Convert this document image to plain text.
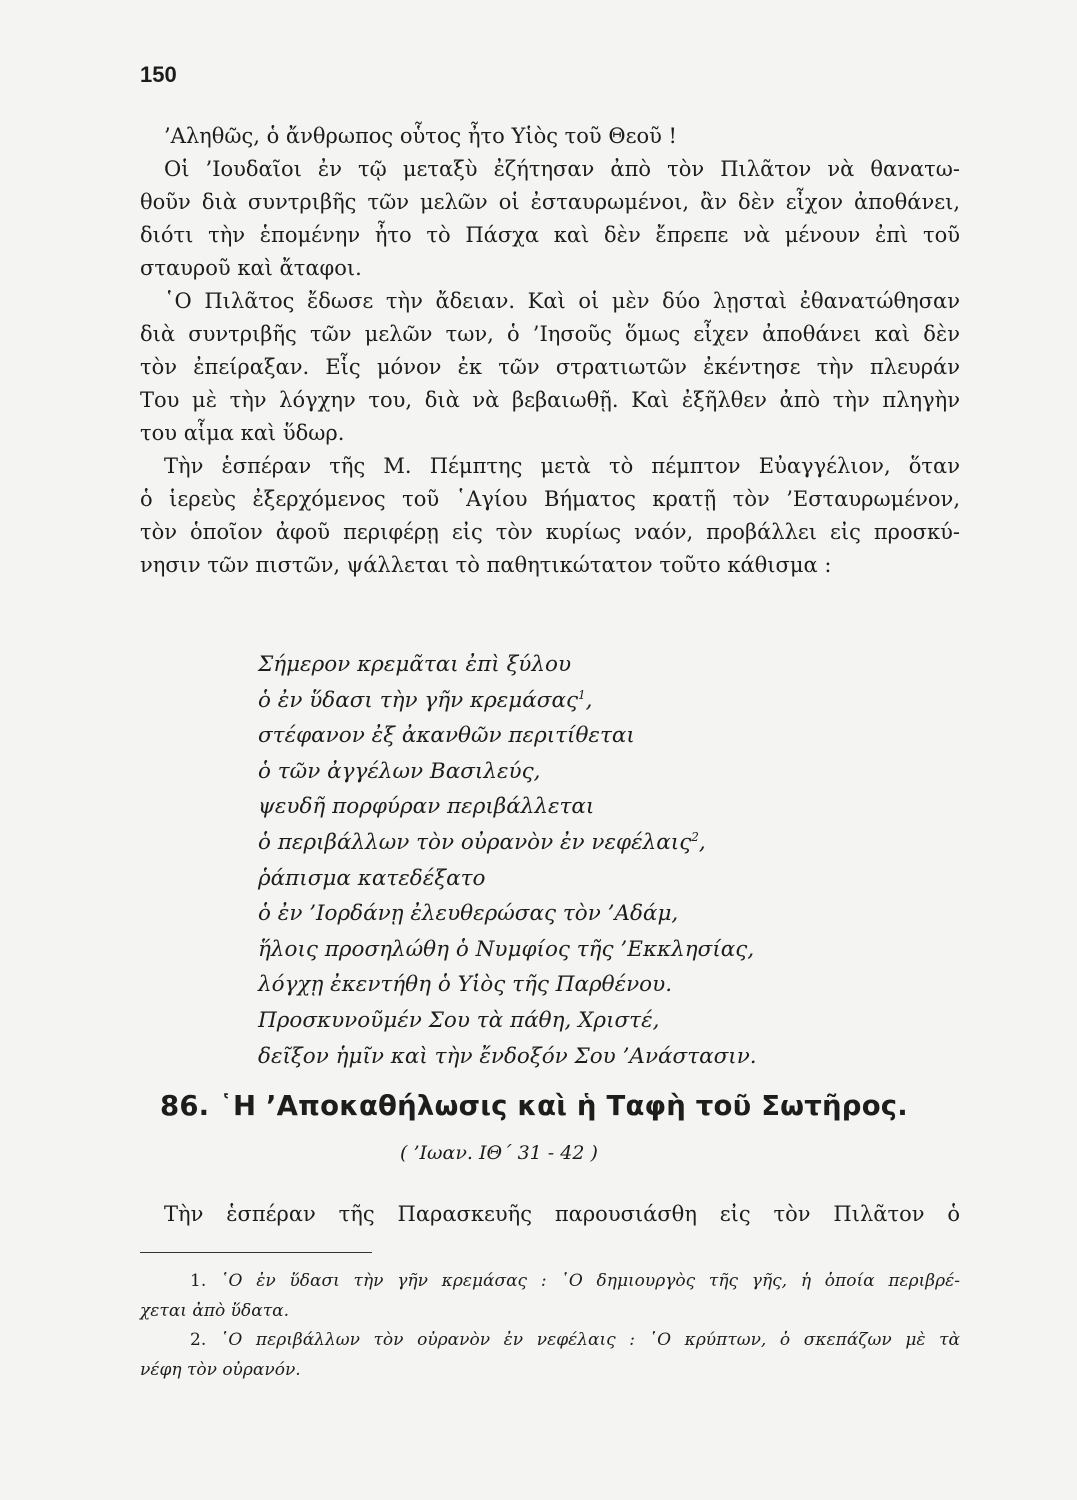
150

’Αληθῶς, ὁ ἄνθρωπος οὗτος ἦτο Υἱὸς τοῦ Θεοῦ !

Οἱ ’Ιουδαῖοι ἐν τῷ μεταξὺ ἐζήτησαν ἀπὸ τὸν Πιλᾶτον νὰ θανατω-

θοῦν διὰ συντριβῆς τῶν μελῶν οἱ ἐσταυρωμένοι, ἂν δὲν εἶχον ἀποθάνει,

διότι τὴν ἑπομένην ἦτο τὸ Πάσχα καὶ δὲν ἔπρεπε νὰ μένουν ἐπὶ τοῦ

σταυροῦ καὶ ἄταφοι.

῾Ο Πιλᾶτος ἔδωσε τὴν ἄδειαν. Καὶ οἱ μὲν δύο λῃσταὶ ἐθανατώθησαν

διὰ συντριβῆς τῶν μελῶν των, ὁ ’Ιησοῦς ὅμως εἶχεν ἀποθάνει καὶ δὲν

τὸν ἐπείραξαν. Εἷς μόνον ἐκ τῶν στρατιωτῶν ἐκέντησε τὴν πλευράν

Του μὲ τὴν λόγχην του, διὰ νὰ βεβαιωθῇ. Καὶ ἐξῆλθεν ἀπὸ τὴν πληγὴν

του αἷμα καὶ ὕδωρ.

Τὴν ἑσπέραν τῆς Μ. Πέμπτης μετὰ τὸ πέμπτον Εὐαγγέλιον, ὅταν

ὁ ἱερεὺς ἐξερχόμενος τοῦ ῾Αγίου Βήματος κρατῇ τὸν ’Εσταυρωμένον,

τὸν ὁποῖον ἀφοῦ περιφέρῃ εἰς τὸν κυρίως ναόν, προβάλλει εἰς προσκύ-

νησιν τῶν πιστῶν, ψάλλεται τὸ παθητικώτατον τοῦτο κάθισμα :

Σήμερον κρεμᾶται ἐπὶ ξύλου

ὁ ἐν ὕδασι τὴν γῆν κρεμάσας$^1$,

στέφανον ἐξ ἀκανθῶν περιτίθεται

ὁ τῶν ἀγγέλων Βασιλεύς,

ψευδῆ πορφύραν περιβάλλεται

ὁ περιβάλλων τὸν οὐρανὸν ἐν νεφέλαις$^2$,

ῥάπισμα κατεδέξατο

ὁ ἐν ’Ιορδάνῃ ἐλευθερώσας τὸν ’Αδάμ,

ἥλοις προσηλώθη ὁ Νυμφίος τῆς ’Εκκλησίας,

λόγχῃ ἐκεντήθη ὁ Υἱὸς τῆς Παρθένου.

Προσκυνοῦμέν Σου τὰ πάθη, Χριστέ,

δεῖξον ἡμῖν καὶ τὴν ἔνδοξόν Σου ’Ανάστασιν.

86. ῾Η ’Αποκαθήλωσις καὶ ἡ Ταφὴ τοῦ Σωτῆρος.
( ’Ιωαν. ΙΘ΄ 31 - 42 )

Τὴν ἑσπέραν τῆς Παρασκευῆς παρουσιάσθη εἰς τὸν Πιλᾶτον ὁ

1. ῾Ο ἐν ὕδασι τὴν γῆν κρεμάσας : ῾Ο δημιουργὸς τῆς γῆς, ἡ ὁποία περιβρέ-

χεται ἀπὸ ὕδατα.

2. ῾Ο περιβάλλων τὸν οὐρανὸν ἐν νεφέλαις : ῾Ο κρύπτων, ὁ σκεπάζων μὲ τὰ

νέφη τὸν οὐρανόν.
